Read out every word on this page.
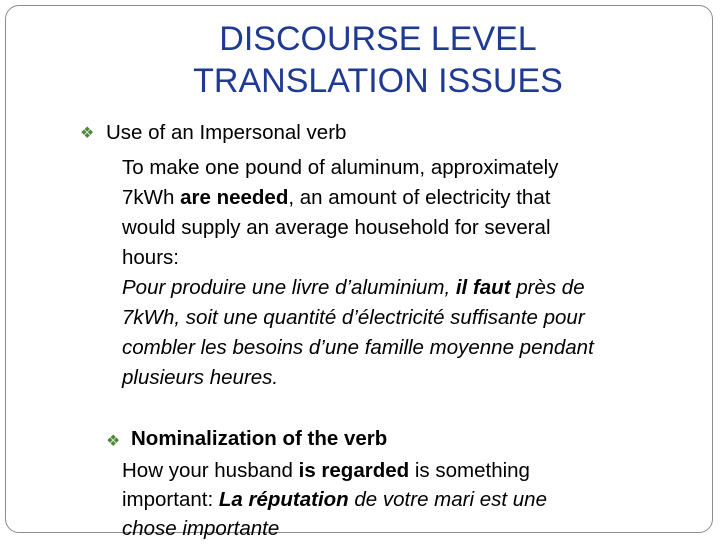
DISCOURSE LEVEL
TRANSLATION ISSUES
❖ Use of an Impersonal verb
To make one pound of aluminum, approximately
7kWh are needed, an amount of electricity that
would supply an average household for several
hours:
Pour produire une livre d’aluminium, il faut près de
7kWh, soit une quantité d’électricité suffisante pour
combler les besoins d’une famille moyenne pendant
plusieurs heures.
❖ Nominalization of the verb
How your husband is regarded is something
important: La réputation de votre mari est une
chose importante
